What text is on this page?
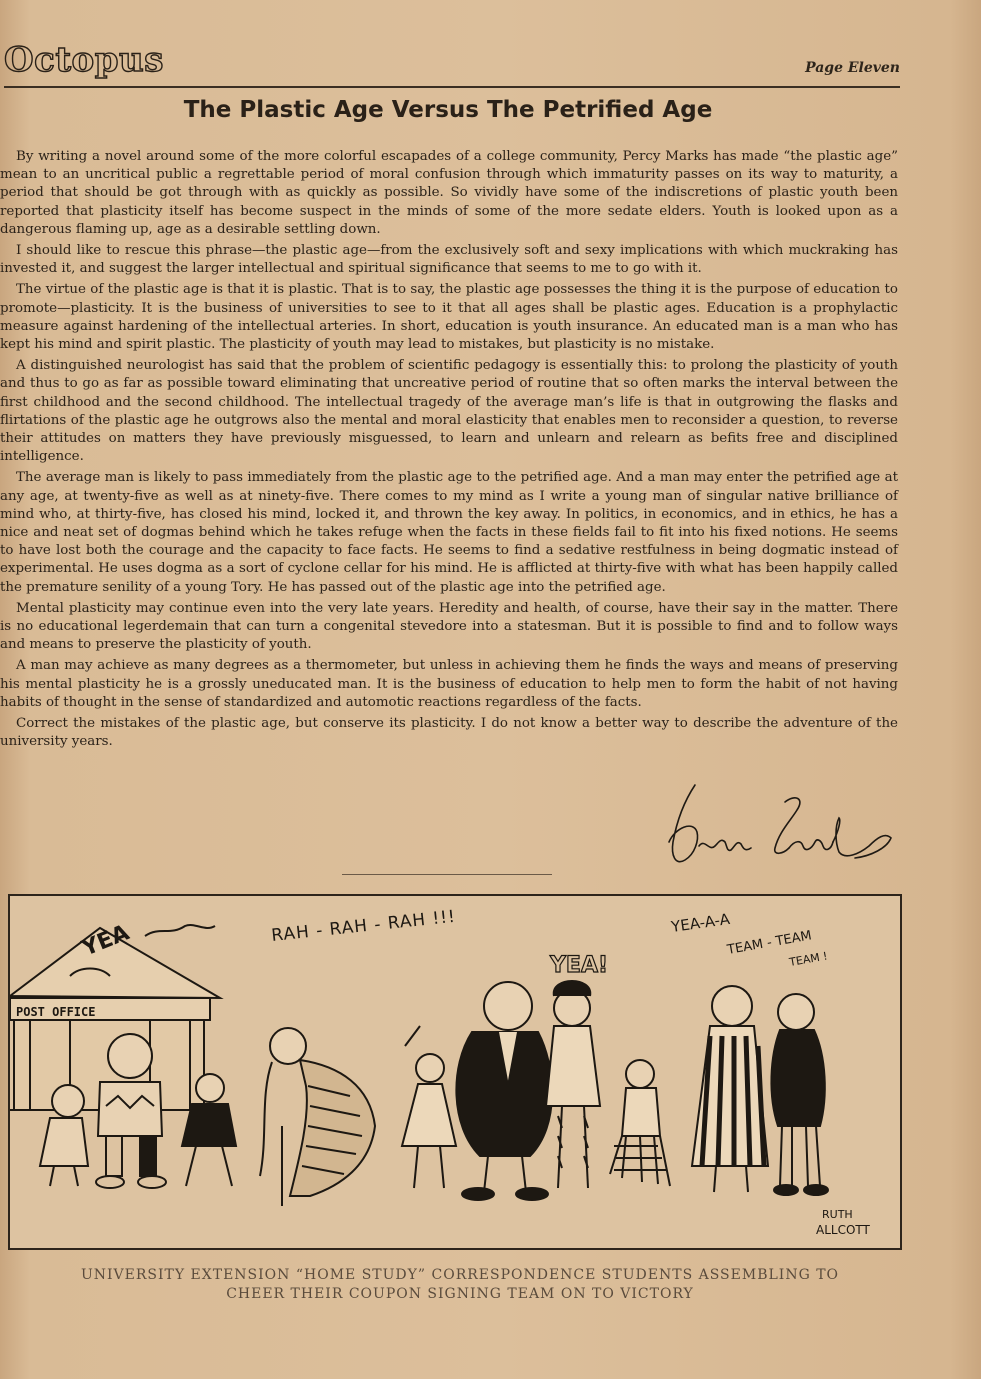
Octopus	Page Eleven
The Plastic Age Versus The Petrified Age

By writing a novel around some of the more colorful escapades of a college community, Percy Marks has made “the plastic age” mean to an uncritical public a regrettable period of moral confusion through which immaturity passes on its way to maturity, a period that should be got through with as quickly as possible. So vividly have some of the indiscretions of plastic youth been reported that plasticity itself has become suspect in the minds of some of the more sedate elders. Youth is looked upon as a dangerous flaming up, age as a desirable settling down.

I should like to rescue this phrase—the plastic age—from the exclusively soft and sexy implications with which muckraking has invested it, and suggest the larger intellectual and spiritual significance that seems to me to go with it.

The virtue of the plastic age is that it is plastic. That is to say, the plastic age possesses the thing it is the purpose of education to promote—plasticity. It is the business of universities to see to it that all ages shall be plastic ages. Education is a prophylactic measure against hardening of the intellectual arteries. In short, education is youth insurance. An educated man is a man who has kept his mind and spirit plastic. The plasticity of youth may lead to mistakes, but plasticity is no mistake.

A distinguished neurologist has said that the problem of scientific pedagogy is essentially this: to prolong the plasticity of youth and thus to go as far as possible toward eliminating that uncreative period of routine that so often marks the interval between the first childhood and the second childhood. The intellectual tragedy of the average man’s life is that in outgrowing the flasks and flirtations of the plastic age he outgrows also the mental and moral elasticity that enables men to reconsider a question, to reverse their attitudes on matters they have previously misguessed, to learn and unlearn and relearn as befits free and disciplined intelligence.

The average man is likely to pass immediately from the plastic age to the petrified age. And a man may enter the petrified age at any age, at twenty-five as well as at ninety-five. There comes to my mind as I write a young man of singular native brilliance of mind who, at thirty-five, has closed his mind, locked it, and thrown the key away. In politics, in economics, and in ethics, he has a nice and neat set of dogmas behind which he takes refuge when the facts in these fields fail to fit into his fixed notions. He seems to have lost both the courage and the capacity to face facts. He seems to find a sedative restfulness in being dogmatic instead of experimental. He uses dogma as a sort of cyclone cellar for his mind. He is afflicted at thirty-five with what has been happily called the premature senility of a young Tory. He has passed out of the plastic age into the petrified age.

Mental plasticity may continue even into the very late years. Heredity and health, of course, have their say in the matter. There is no educational legerdemain that can turn a congenital stevedore into a statesman. But it is possible to find and to follow ways and means to preserve the plasticity of youth.

A man may achieve as many degrees as a thermometer, but unless in achieving them he finds the ways and means of preserving his mental plasticity he is a grossly uneducated man. It is the business of education to help men to form the habit of not having habits of thought in the sense of standardized and automotic reactions regardless of the facts.

Correct the mistakes of the plastic age, but conserve its plasticity. I do not know a better way to describe the adventure of the university years.

POST OFFICE
YEA	RAH - RAH - RAH !!!
YEA!
YEA-A-A
TEAM - TEAM
TEAM !
RUTH
ALLCOTT
UNIVERSITY EXTENSION “HOME STUDY” CORRESPONDENCE STUDENTS ASSEMBLING TO
CHEER THEIR COUPON SIGNING TEAM ON TO VICTORY
